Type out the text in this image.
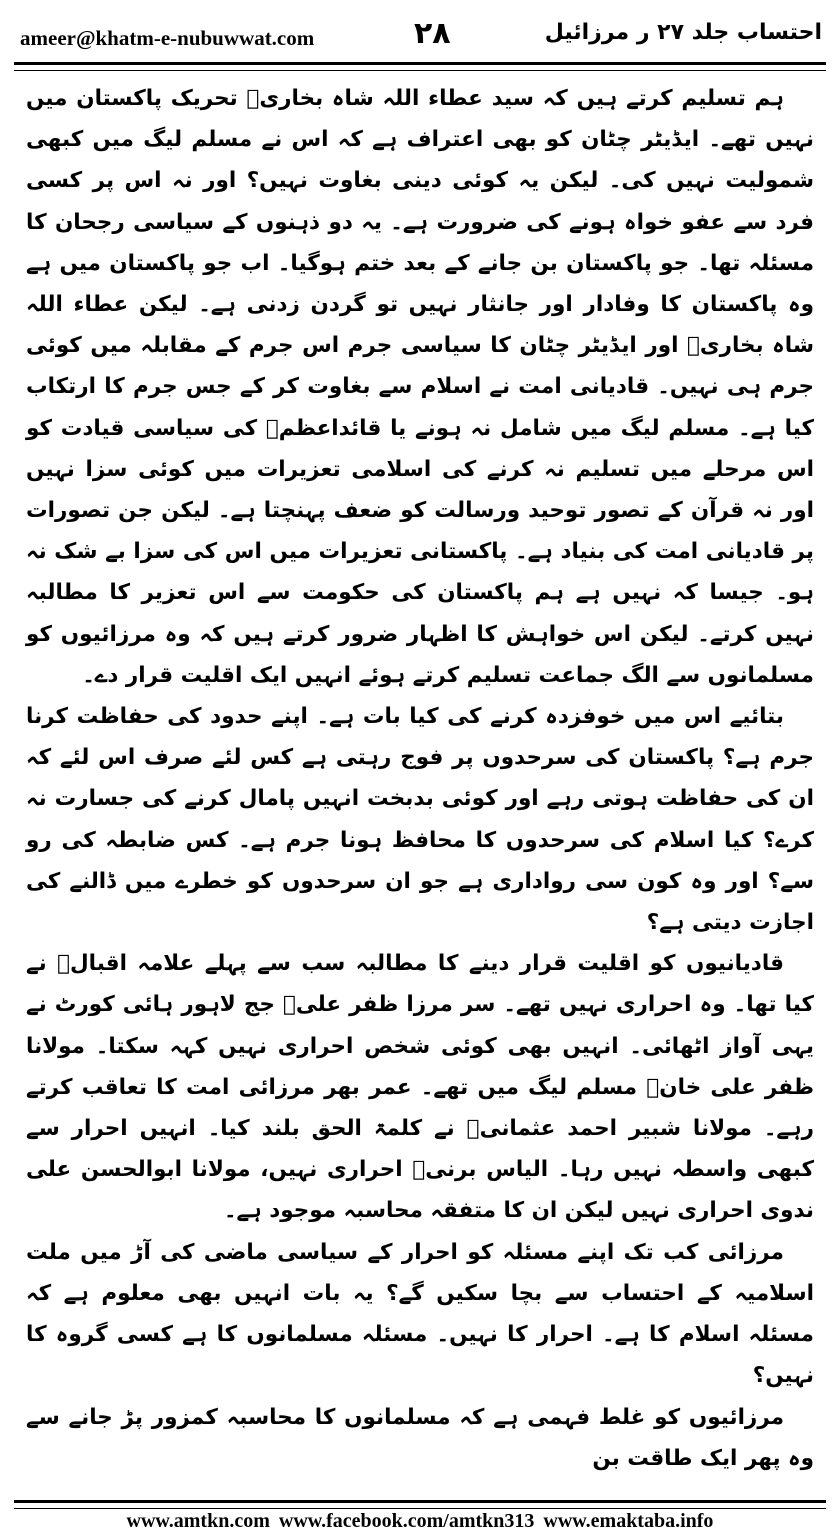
ameer@khatm-e-nubuwwat.com	۲۸	احتساب جلد ۲۷ ر مرزائیل

ہم تسلیم کرتے ہیں کہ سید عطاء اللہ شاہ بخاریؒ تحریک پاکستان میں نہیں تھے۔ ایڈیٹر چٹان کو بھی اعتراف ہے کہ اس نے مسلم لیگ میں کبھی شمولیت نہیں کی۔ لیکن یہ کوئی دینی بغاوت نہیں؟ اور نہ اس پر کسی فرد سے عفو خواہ ہونے کی ضرورت ہے۔ یہ دو ذہنوں کے سیاسی رجحان کا مسئلہ تھا۔ جو پاکستان بن جانے کے بعد ختم ہوگیا۔ اب جو پاکستان میں ہے وہ پاکستان کا وفادار اور جانثار نہیں تو گردن زدنی ہے۔ لیکن عطاء اللہ شاہ بخاریؒ اور ایڈیٹر چٹان کا سیاسی جرم اس جرم کے مقابلہ میں کوئی جرم ہی نہیں۔ قادیانی امت نے اسلام سے بغاوت کر کے جس جرم کا ارتکاب کیا ہے۔ مسلم لیگ میں شامل نہ ہونے یا قائداعظمؒ کی سیاسی قیادت کو اس مرحلے میں تسلیم نہ کرنے کی اسلامی تعزیرات میں کوئی سزا نہیں اور نہ قرآن کے تصور توحید ورسالت کو ضعف پہنچتا ہے۔ لیکن جن تصورات پر قادیانی امت کی بنیاد ہے۔ پاکستانی تعزیرات میں اس کی سزا بے شک نہ ہو۔ جیسا کہ نہیں ہے ہم پاکستان کی حکومت سے اس تعزیر کا مطالبہ نہیں کرتے۔ لیکن اس خواہش کا اظہار ضرور کرتے ہیں کہ وہ مرزائیوں کو مسلمانوں سے الگ جماعت تسلیم کرتے ہوئے انہیں ایک اقلیت قرار دے۔

بتائیے اس میں خوفزدہ کرنے کی کیا بات ہے۔ اپنے حدود کی حفاظت کرنا جرم ہے؟ پاکستان کی سرحدوں پر فوج رہتی ہے کس لئے صرف اس لئے کہ ان کی حفاظت ہوتی رہے اور کوئی بدبخت انہیں پامال کرنے کی جسارت نہ کرے؟ کیا اسلام کی سرحدوں کا محافظ ہونا جرم ہے۔ کس ضابطہ کی رو سے؟ اور وہ کون سی رواداری ہے جو ان سرحدوں کو خطرے میں ڈالنے کی اجازت دیتی ہے؟

قادیانیوں کو اقلیت قرار دینے کا مطالبہ سب سے پہلے علامہ اقبالؒ نے کیا تھا۔ وہ احراری نہیں تھے۔ سر مرزا ظفر علیؒ جج لاہور ہائی کورٹ نے یہی آواز اٹھائی۔ انہیں بھی کوئی شخص احراری نہیں کہہ سکتا۔ مولانا ظفر علی خانؒ مسلم لیگ میں تھے۔ عمر بھر مرزائی امت کا تعاقب کرتے رہے۔ مولانا شبیر احمد عثمانیؒ نے کلمۃ الحق بلند کیا۔ انہیں احرار سے کبھی واسطہ نہیں رہا۔ الیاس برنیؒ احراری نہیں، مولانا ابوالحسن علی ندوی احراری نہیں لیکن ان کا متفقہ محاسبہ موجود ہے۔

مرزائی کب تک اپنے مسئلہ کو احرار کے سیاسی ماضی کی آڑ میں ملت اسلامیہ کے احتساب سے بچا سکیں گے؟ یہ بات انہیں بھی معلوم ہے کہ مسئلہ اسلام کا ہے۔ احرار کا نہیں۔ مسئلہ مسلمانوں کا ہے کسی گروہ کا نہیں؟

مرزائیوں کو غلط فہمی ہے کہ مسلمانوں کا محاسبہ کمزور پڑ جانے سے وہ پھر ایک طاقت بن

www.amtkn.com www.facebook.com/amtkn313 www.emaktaba.info
